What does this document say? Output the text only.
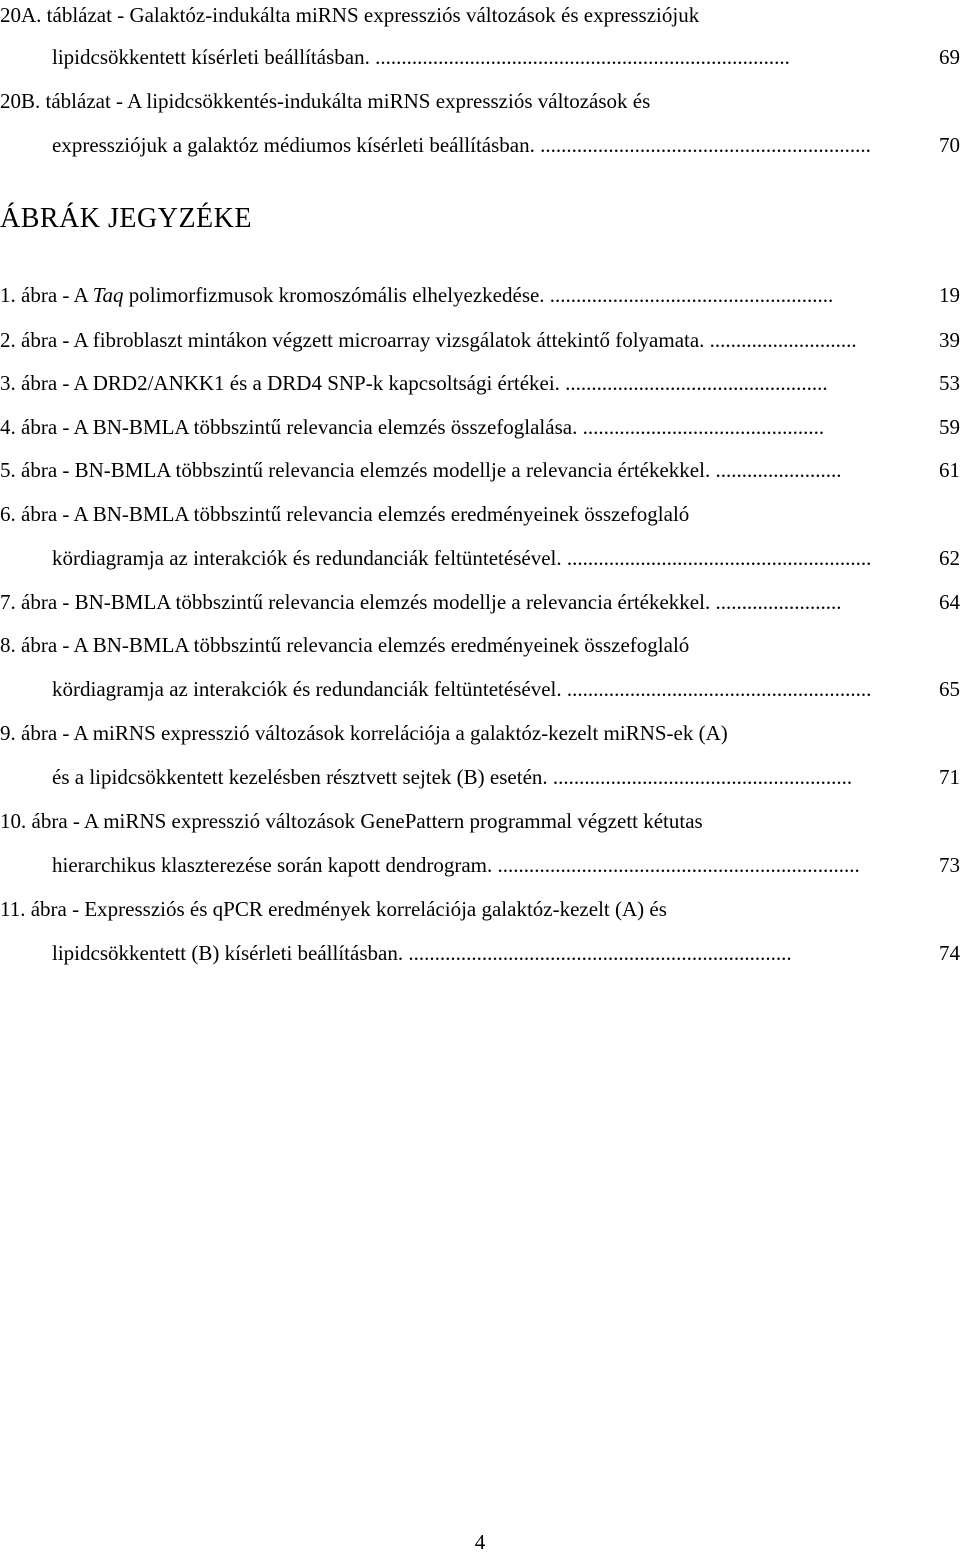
20A. táblázat - Galaktóz-indukálta miRNS expressziós változások és expressziójuk
lipidcsökkentett kísérleti beállításban. ...............................................................................	69
20B. táblázat - A lipidcsökkentés-indukálta miRNS expressziós változások és
expressziójuk a galaktóz médiumos kísérleti beállításban. ...............................................................	70
ÁBRÁK JEGYZÉKE
1. ábra - A Taq polimorfizmusok kromoszómális elhelyezkedése. ......................................................	19
2. ábra - A fibroblaszt mintákon végzett microarray vizsgálatok áttekintő folyamata. ............................	39
3. ábra - A DRD2/ANKK1 és a DRD4 SNP-k kapcsoltsági értékei. ..................................................	53
4. ábra - A BN-BMLA többszintű relevancia elemzés összefoglalása. ..............................................	59
5. ábra - BN-BMLA többszintű relevancia elemzés modellje a relevancia értékekkel. ........................	61
6. ábra - A BN-BMLA többszintű relevancia elemzés eredményeinek összefoglaló
kördiagramja az interakciók és redundanciák feltüntetésével. ..........................................................	62
7. ábra - BN-BMLA többszintű relevancia elemzés modellje a relevancia értékekkel. ........................	64
8. ábra - A BN-BMLA többszintű relevancia elemzés eredményeinek összefoglaló
kördiagramja az interakciók és redundanciák feltüntetésével. ..........................................................	65
9. ábra - A miRNS expresszió változások korrelációja a galaktóz-kezelt miRNS-ek (A)
és a lipidcsökkentett kezelésben résztvett sejtek (B) esetén. .........................................................	71
10. ábra - A miRNS expresszió változások GenePattern programmal végzett kétutas
hierarchikus klaszterezése során kapott dendrogram. .....................................................................	73
11. ábra - Expressziós és qPCR eredmények korrelációja galaktóz-kezelt (A) és
lipidcsökkentett (B) kísérleti beállításban. .........................................................................	74
4
